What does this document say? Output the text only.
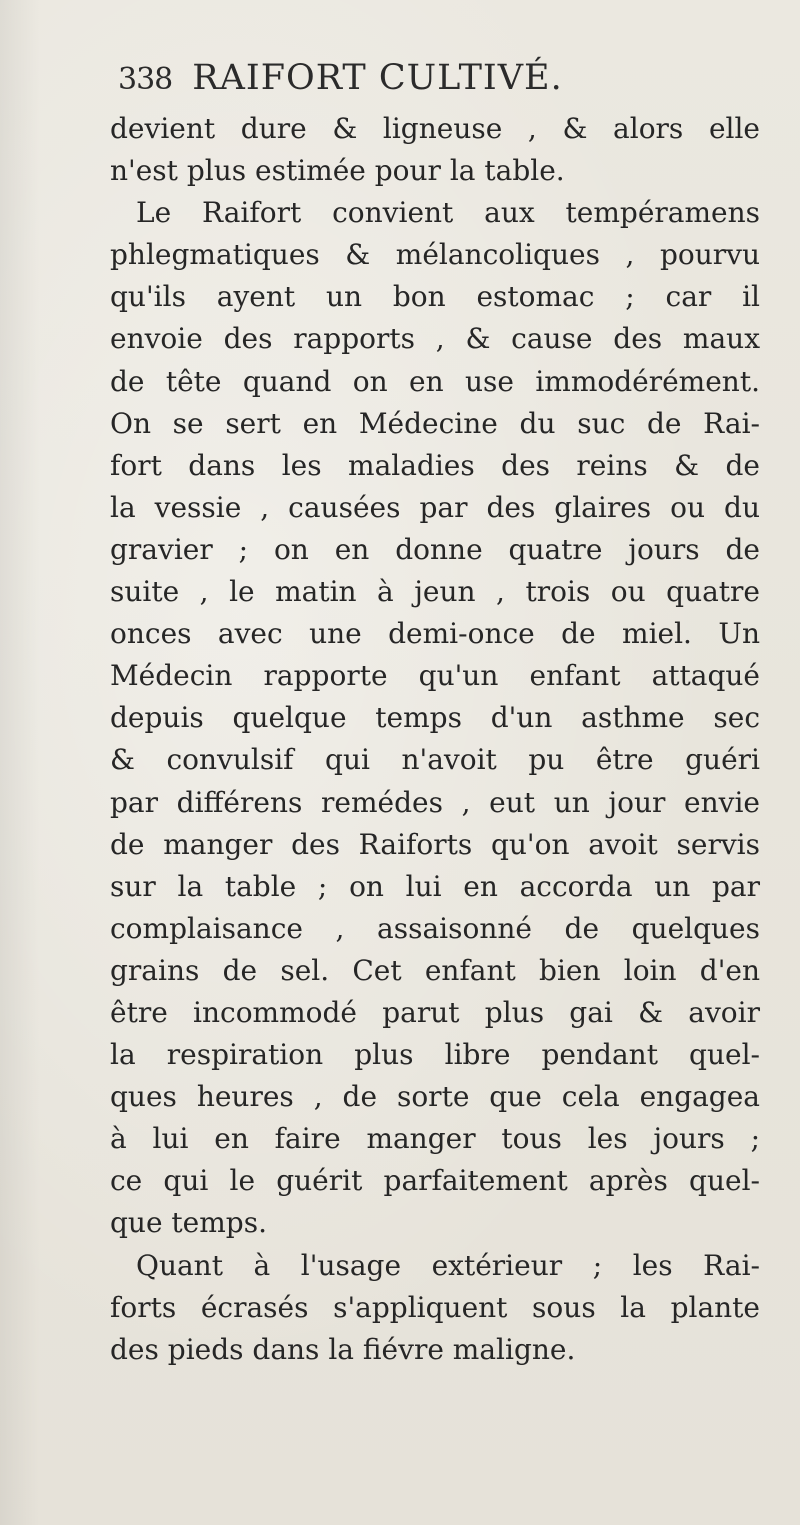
338 RAIFORT CULTIVÉ.
devient dure & ligneuse , & alors elle
n'est plus estimée pour la table.
Le Raifort convient aux tempéramens
phlegmatiques & mélancoliques , pourvu
qu'ils ayent un bon estomac ; car il
envoie des rapports , & cause des maux
de tête quand on en use immodérément.
On se sert en Médecine du suc de Rai-
fort dans les maladies des reins & de
la vessie , causées par des glaires ou du
gravier ; on en donne quatre jours de
suite , le matin à jeun , trois ou quatre
onces avec une demi-once de miel. Un
Médecin rapporte qu'un enfant attaqué
depuis quelque temps d'un asthme sec
& convulsif qui n'avoit pu être guéri
par différens remédes , eut un jour envie
de manger des Raiforts qu'on avoit servis
sur la table ; on lui en accorda un par
complaisance , assaisonné de quelques
grains de sel. Cet enfant bien loin d'en
être incommodé parut plus gai & avoir
la respiration plus libre pendant quel-
ques heures , de sorte que cela engagea
à lui en faire manger tous les jours ;
ce qui le guérit parfaitement après quel-
que temps.
Quant à l'usage extérieur ; les Rai-
forts écrasés s'appliquent sous la plante
des pieds dans la fiévre maligne.
